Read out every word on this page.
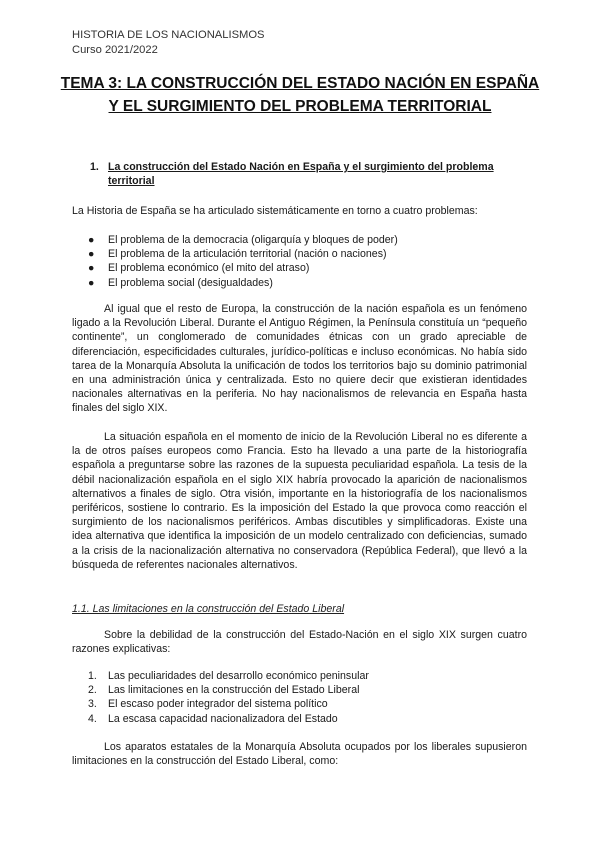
HISTORIA DE LOS NACIONALISMOS
Curso 2021/2022
TEMA 3: LA CONSTRUCCIÓN DEL ESTADO NACIÓN EN ESPAÑA Y EL SURGIMIENTO DEL PROBLEMA TERRITORIAL
1. La construcción del Estado Nación en España y el surgimiento del problema territorial
La Historia de España se ha articulado sistemáticamente en torno a cuatro problemas:
● El problema de la democracia (oligarquía y bloques de poder)
● El problema de la articulación territorial (nación o naciones)
● El problema económico (el mito del atraso)
● El problema social (desigualdades)
Al igual que el resto de Europa, la construcción de la nación española es un fenómeno ligado a la Revolución Liberal. Durante el Antiguo Régimen, la Península constituía un “pequeño continente”, un conglomerado de comunidades étnicas con un grado apreciable de diferenciación, especificidades culturales, jurídico-políticas e incluso económicas. No había sido tarea de la Monarquía Absoluta la unificación de todos los territorios bajo su dominio patrimonial en una administración única y centralizada. Esto no quiere decir que existieran identidades nacionales alternativas en la periferia. No hay nacionalismos de relevancia en España hasta finales del siglo XIX.
La situación española en el momento de inicio de la Revolución Liberal no es diferente a la de otros países europeos como Francia. Esto ha llevado a una parte de la historiografía española a preguntarse sobre las razones de la supuesta peculiaridad española. La tesis de la débil nacionalización española en el siglo XIX habría provocado la aparición de nacionalismos alternativos a finales de siglo. Otra visión, importante en la historiografía de los nacionalismos periféricos, sostiene lo contrario. Es la imposición del Estado la que provoca como reacción el surgimiento de los nacionalismos periféricos. Ambas discutibles y simplificadoras. Existe una idea alternativa que identifica la imposición de un modelo centralizado con deficiencias, sumado a la crisis de la nacionalización alternativa no conservadora (República Federal), que llevó a la búsqueda de referentes nacionales alternativos.
1.1. Las limitaciones en la construcción del Estado Liberal
Sobre la debilidad de la construcción del Estado-Nación en el siglo XIX surgen cuatro razones explicativas:
1. Las peculiaridades del desarrollo económico peninsular
2. Las limitaciones en la construcción del Estado Liberal
3. El escaso poder integrador del sistema político
4. La escasa capacidad nacionalizadora del Estado
Los aparatos estatales de la Monarquía Absoluta ocupados por los liberales supusieron limitaciones en la construcción del Estado Liberal, como:
